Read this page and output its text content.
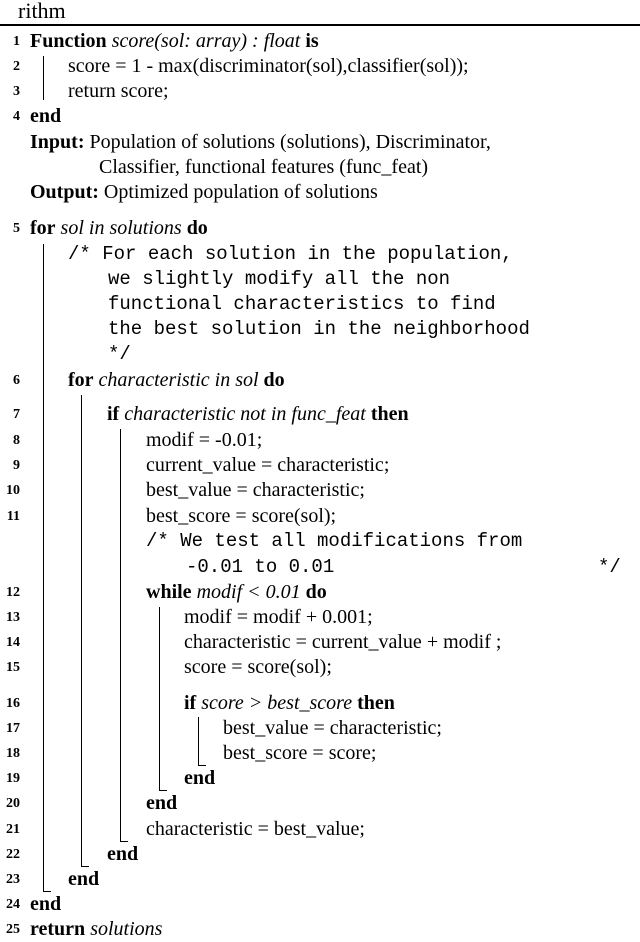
rithm
1 Function score(sol: array) : float is
2 score = 1 - max(discriminator(sol),classifier(sol));
3 return score;
4 end
Input: Population of solutions (solutions), Discriminator,
Classifier, functional features (func_feat)
Output: Optimized population of solutions
5 for sol in solutions do
/* For each solution in the population,
we slightly modify all the non
functional characteristics to find
the best solution in the neighborhood
*/
6 for characteristic in sol do
7	if characteristic not in func_feat then
8	modif = -0.01;
9	current_value = characteristic;
10	best_value = characteristic;
11	best_score = score(sol);
/* We test all modifications from
-0.01 to 0.01	*/
12	while modif < 0.01 do
13	modif = modif + 0.001;
14	characteristic = current_value + modif ;
15	score = score(sol);
16	if score > best_score then
17	best_value = characteristic;
18	best_score = score;
19	end
20	end
21	characteristic = best_value;
22	end
23 end
24 end
25 return solutions
